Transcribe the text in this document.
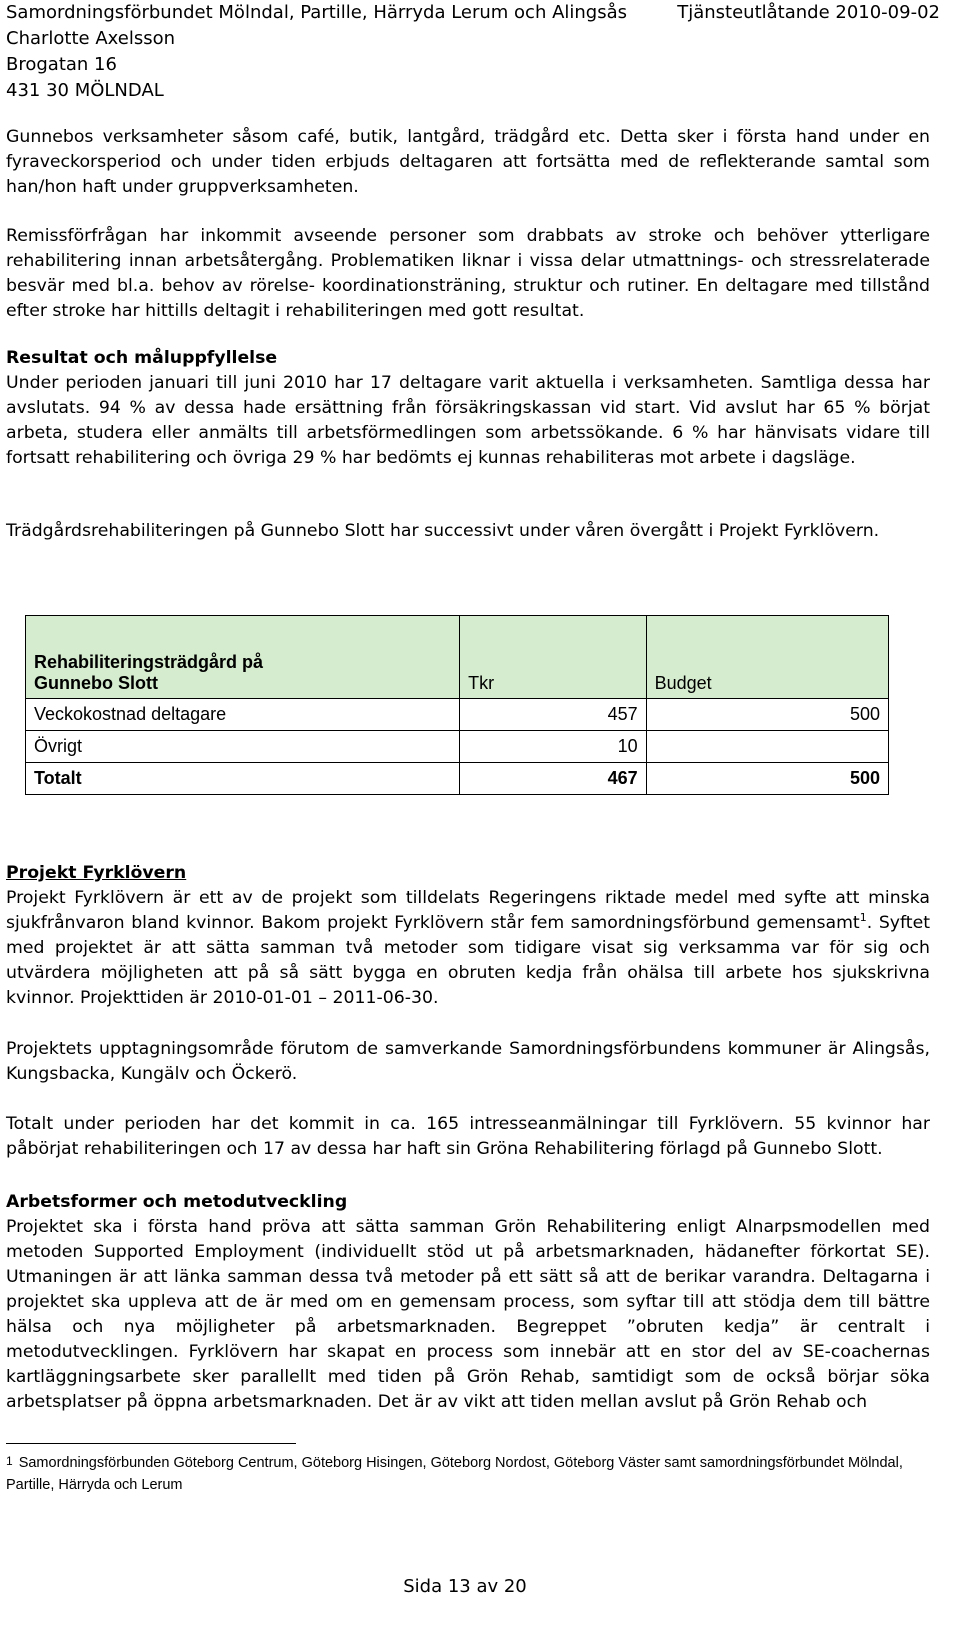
Samordningsförbundet Mölndal, Partille, Härryda Lerum och Alingsås
Charlotte Axelsson
Brogatan 16
431 30 MÖLNDAL
Tjänsteutlåtande 2010-09-02

Gunnebos verksamheter såsom café, butik, lantgård, trädgård etc. Detta sker i första hand under en fyraveckorsperiod och under tiden erbjuds deltagaren att fortsätta med de reflekterande samtal som han/hon haft under gruppverksamheten.

Remissförfrågan har inkommit avseende personer som drabbats av stroke och behöver ytterligare rehabilitering innan arbetsåtergång. Problematiken liknar i vissa delar utmattnings- och stressrelaterade besvär med bl.a. behov av rörelse- koordinationsträning, struktur och rutiner. En deltagare med tillstånd efter stroke har hittills deltagit i rehabiliteringen med gott resultat.

Resultat och måluppfyllelse

Under perioden januari till juni 2010 har 17 deltagare varit aktuella i verksamheten. Samtliga dessa har avslutats. 94 % av dessa hade ersättning från försäkringskassan vid start. Vid avslut har 65 % börjat arbeta, studera eller anmälts till arbetsförmedlingen som arbetssökande. 6 % har hänvisats vidare till fortsatt rehabilitering och övriga 29 % har bedömts ej kunnas rehabiliteras mot arbete i dagsläge.

Trädgårdsrehabiliteringen på Gunnebo Slott har successivt under våren övergått i Projekt Fyrklövern.

Rehabiliteringsträdgård på
Gunnebo Slott	Tkr	Budget
Veckokostnad deltagare	457	500
Övrigt	10	
Totalt	467	500

Projekt Fyrklövern

Projekt Fyrklövern är ett av de projekt som tilldelats Regeringens riktade medel med syfte att minska sjukfrånvaron bland kvinnor. Bakom projekt Fyrklövern står fem samordningsförbund gemensamt$^1$. Syftet med projektet är att sätta samman två metoder som tidigare visat sig verksamma var för sig och utvärdera möjligheten att på så sätt bygga en obruten kedja från ohälsa till arbete hos sjukskrivna kvinnor. Projekttiden är 2010-01-01 – 2011-06-30.

Projektets upptagningsområde förutom de samverkande Samordningsförbundens kommuner är Alingsås, Kungsbacka, Kungälv och Öckerö.

Totalt under perioden har det kommit in ca. 165 intresseanmälningar till Fyrklövern. 55 kvinnor har påbörjat rehabiliteringen och 17 av dessa har haft sin Gröna Rehabilitering förlagd på Gunnebo Slott.

Arbetsformer och metodutveckling

Projektet ska i första hand pröva att sätta samman Grön Rehabilitering enligt Alnarpsmodellen med metoden Supported Employment (individuellt stöd ut på arbetsmarknaden, hädanefter förkortat SE). Utmaningen är att länka samman dessa två metoder på ett sätt så att de berikar varandra. Deltagarna i projektet ska uppleva att de är med om en gemensam process, som syftar till att stödja dem till bättre hälsa och nya möjligheter på arbetsmarknaden. Begreppet ”obruten kedja” är centralt i metodutvecklingen. Fyrklövern har skapat en process som innebär att en stor del av SE-coachernas kartläggningsarbete sker parallellt med tiden på Grön Rehab, samtidigt som de också börjar söka arbetsplatser på öppna arbetsmarknaden. Det är av vikt att tiden mellan avslut på Grön Rehab och

$^1$ Samordningsförbunden Göteborg Centrum, Göteborg Hisingen, Göteborg Nordost, Göteborg Väster samt samordningsförbundet Mölndal, Partille, Härryda och Lerum
Sida 13 av 20
